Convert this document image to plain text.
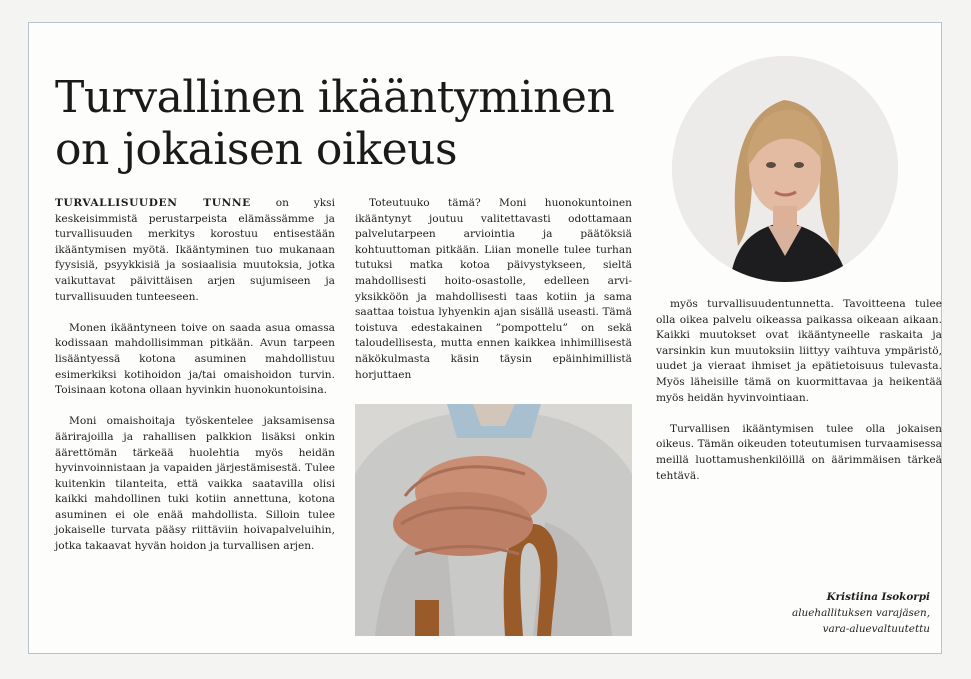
Turvallinen ikääntyminen
on jokaisen oikeus

TURVALLISUUDEN TUNNE on yksi keskeisimmistä perustarpeista elämässämme ja turvallisuuden merkitys korostuu entisestään ikääntymisen myötä. Ikääntyminen tuo mukanaan fyysisiä, psyykkisiä ja sosiaalisia muutoksia, jotka vaikuttavat päivittäisen arjen sujumiseen ja turvallisuuden tunteeseen.

Monen ikääntyneen toive on saada asua omassa kodissaan mahdollisimman pitkään. Avun tarpeen lisääntyessä kotona asuminen mahdollistuu esimerkiksi kotihoidon ja/tai omaishoidon turvin. Toisinaan kotona ollaan hyvinkin huonokuntoisina.

Moni omaishoitaja työskentelee jaksamisensa äärirajoilla ja rahallisen palkkion lisäksi onkin äärettömän tärkeää huolehtia myös heidän hyvinvoinnistaan ja vapaiden järjestämisestä. Tulee kuitenkin tilanteita, että vaikka saatavilla olisi kaikki mahdollinen tuki kotiin annettuna, kotona asuminen ei ole enää mahdollista. Silloin tulee jokaiselle turvata pääsy riittäviin hoivapalveluihin, jotka takaavat hyvän hoidon ja turvallisen arjen.

Toteutuuko tämä? Moni huonokuntoinen ikääntynyt joutuu valitettavasti odottamaan palvelutarpeen arviointia ja päätöksiä kohtuuttoman pitkään. Liian monelle tulee turhan tutuksi matka kotoa päivystykseen, sieltä mahdollisesti hoito-osastolle, edelleen arvi-yksikköön ja mahdollisesti taas kotiin ja sama saattaa toistua lyhyenkin ajan sisällä useasti. Tämä toistuva edestakainen ”pompottelu” on sekä taloudellisesta, mutta ennen kaikkea inhimillisestä näkökulmasta käsin täysin epäinhimillistä horjuttaen

myös turvallisuudentunnetta. Tavoitteena tulee olla oikea palvelu oikeassa paikassa oikeaan aikaan. Kaikki muutokset ovat ikääntyneelle raskaita ja varsinkin kun muutoksiin liittyy vaihtuva ympäristö, uudet ja vieraat ihmiset ja epätietoisuus tulevasta. Myös läheisille tämä on kuormittavaa ja heikentää myös heidän hyvinvointiaan.

Turvallisen ikääntymisen tulee olla jokaisen oikeus. Tämän oikeuden toteutumisen turvaamisessa meillä luottamushenkilöillä on äärimmäisen tärkeä tehtävä.

Kristiina Isokorpi
aluehallituksen varajäsen,
vara-aluevaltuutettu
